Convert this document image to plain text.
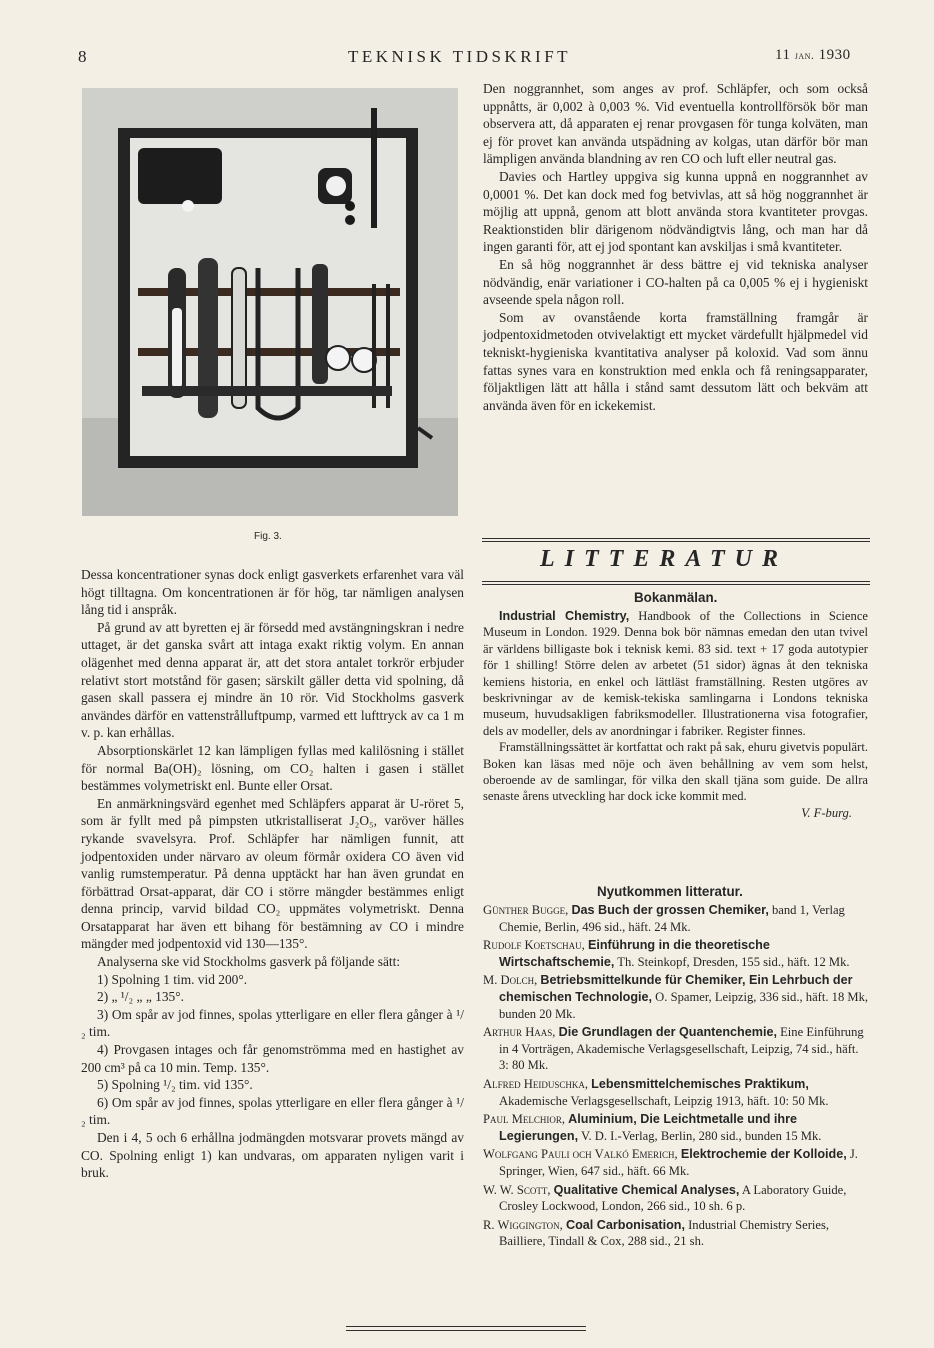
8	TEKNISK TIDSKRIFT	11 jan. 1930
Fig. 3.

Dessa koncentrationer synas dock enligt gasverkets erfarenhet vara väl högt tilltagna. Om koncentrationen är för hög, tar nämligen analysen lång tid i anspråk.

På grund av att byretten ej är försedd med avstängningskran i nedre uttaget, är det ganska svårt att intaga exakt riktig volym. En annan olägenhet med denna apparat är, att det stora antalet torkrör erbjuder relativt stort motstånd för gasen; särskilt gäller detta vid spolning, då gasen skall passera ej mindre än 10 rör. Vid Stockholms gasverk användes därför en vattenstrålluftpump, varmed ett lufttryck av ca 1 m v. p. kan erhållas.

Absorptionskärlet 12 kan lämpligen fyllas med kalilösning i stället för normal Ba(OH)₂ lösning, om CO₂ halten i gasen i stället bestämmes volymetriskt enl. Bunte eller Orsat.

En anmärkningsvärd egenhet med Schläpfers apparat är U-röret 5, som är fyllt med på pimpsten utkristalliserat J₂O₅, varöver hälles rykande svavelsyra. Prof. Schläpfer har nämligen funnit, att jodpentoxiden under närvaro av oleum förmår oxidera CO även vid vanlig rumstemperatur. På denna upptäckt har han även grundat en förbättrad Orsat-apparat, där CO i större mängder bestämmes enligt denna princip, varvid bildad CO₂ uppmätes volymetriskt. Denna Orsatapparat har även ett bihang för bestämning av CO i mindre mängder med jodpentoxid vid 130—135°.

Analyserna ske vid Stockholms gasverk på följande sätt:

1) Spolning 1 tim. vid 200°.

2) „ ¹/₂ „ „ 135°.

3) Om spår av jod finnes, spolas ytterligare en eller flera gånger à ¹/₂ tim.

4) Provgasen intages och får genomströmma med en hastighet av 200 cm³ på ca 10 min. Temp. 135°.

5) Spolning ¹/₂ tim. vid 135°.

6) Om spår av jod finnes, spolas ytterligare en eller flera gånger à ¹/₂ tim.

Den i 4, 5 och 6 erhållna jodmängden motsvarar provets mängd av CO. Spolning enligt 1) kan undvaras, om apparaten nyligen varit i bruk.

Den noggrannhet, som anges av prof. Schläpfer, och som också uppnåtts, är 0,002 à 0,003 %. Vid eventuella kontrollförsök bör man observera att, då apparaten ej renar provgasen för tunga kolväten, man ej för provet kan använda utspädning av kolgas, utan därför bör man lämpligen använda blandning av ren CO och luft eller neutral gas.

Davies och Hartley uppgiva sig kunna uppnå en noggrannhet av 0,0001 %. Det kan dock med fog betvivlas, att så hög noggrannhet är möjlig att uppnå, genom att blott använda stora kvantiteter provgas. Reaktionstiden blir därigenom nödvändigtvis lång, och man har då ingen garanti för, att ej jod spontant kan avskiljas i små kvantiteter.

En så hög noggrannhet är dess bättre ej vid tekniska analyser nödvändig, enär variationer i CO-halten på ca 0,005 % ej i hygieniskt avseende spela någon roll.

Som av ovanstående korta framställning framgår är jodpentoxidmetoden otvivelaktigt ett mycket värdefullt hjälpmedel vid tekniskt-hygieniska kvantitativa analyser på koloxid. Vad som ännu fattas synes vara en konstruktion med enkla och få reningsapparater, följaktligen lätt att hålla i stånd samt dessutom lätt och bekväm att använda även för en ickekemist.

LITTERATUR
Bokanmälan.

Industrial Chemistry, Handbook of the Collections in Science Museum in London. 1929. Denna bok bör nämnas emedan den utan tvivel är världens billigaste bok i teknisk kemi. 83 sid. text + 17 goda autotypier för 1 shilling! Större delen av arbetet (51 sidor) ägnas åt den tekniska kemiens historia, en enkel och lättläst framställning. Resten utgöres av beskrivningar av de kemisk-tekiska samlingarna i Londons tekniska museum, huvudsakligen fabriksmodeller. Illustrationerna visa fotografier, dels av modeller, dels av anordningar i fabriker. Register finnes.

Framställningssättet är kortfattat och rakt på sak, ehuru givetvis populärt. Boken kan läsas med nöje och även behållning av vem som helst, oberoende av de samlingar, för vilka den skall tjäna som guide. De allra senaste årens utveckling har dock icke kommit med.

V. F-burg.

Nyutkommen litteratur.

Günther Bugge, Das Buch der grossen Chemiker, band 1, Verlag Chemie, Berlin, 496 sid., häft. 24 Mk.

Rudolf Koetschau, Einführung in die theoretische Wirtschaftschemie, Th. Steinkopf, Dresden, 155 sid., häft. 12 Mk.

M. Dolch, Betriebsmittelkunde für Chemiker, Ein Lehrbuch der chemischen Technologie, O. Spamer, Leipzig, 336 sid., häft. 18 Mk, bunden 20 Mk.

Arthur Haas, Die Grundlagen der Quantenchemie, Eine Einführung in 4 Vorträgen, Akademische Verlagsgesellschaft, Leipzig, 74 sid., häft. 3: 80 Mk.

Alfred Heiduschka, Lebensmittelchemisches Praktikum, Akademische Verlagsgesellschaft, Leipzig 1913, häft. 10: 50 Mk.

Paul Melchior, Aluminium, Die Leichtmetalle und ihre Legierungen, V. D. I.-Verlag, Berlin, 280 sid., bunden 15 Mk.

Wolfgang Pauli och Valkó Emerich, Elektrochemie der Kolloide, J. Springer, Wien, 647 sid., häft. 66 Mk.

W. W. Scott, Qualitative Chemical Analyses, A Laboratory Guide, Crosley Lockwood, London, 266 sid., 10 sh. 6 p.

R. Wiggington, Coal Carbonisation, Industrial Chemistry Series, Bailliere, Tindall & Cox, 288 sid., 21 sh.
